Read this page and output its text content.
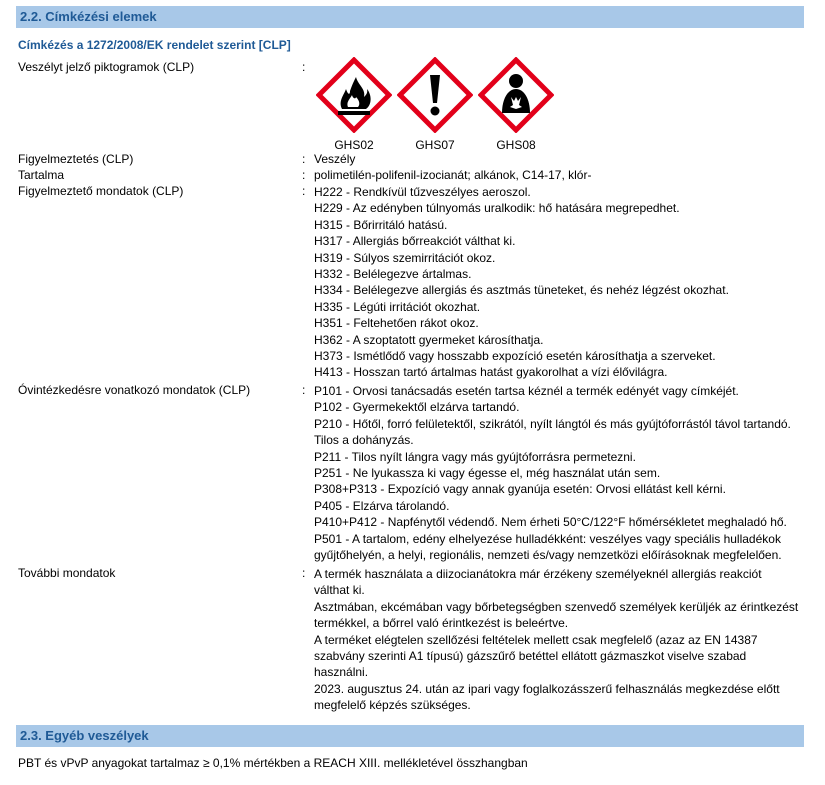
2.2. Címkézési elemek
Címkézés a 1272/2008/EK rendelet szerint [CLP]
Veszélyt jelző piktogramok (CLP)	:
GHS02	GHS07	GHS08
Figyelmeztetés (CLP)	: Veszély
Tartalma	: polimetilén-polifenil-izocianát; alkánok, C14-17, klór-
Figyelmeztető mondatok (CLP)	: H222 - Rendkívül tűzveszélyes aeroszol.
H229 - Az edényben túlnyomás uralkodik: hő hatására megrepedhet.
H315 - Bőrirritáló hatású.
H317 - Allergiás bőrreakciót válthat ki.
H319 - Súlyos szemirritációt okoz.
H332 - Belélegezve ártalmas.
H334 - Belélegezve allergiás és asztmás tüneteket, és nehéz légzést okozhat.
H335 - Légúti irritációt okozhat.
H351 - Feltehetően rákot okoz.
H362 - A szoptatott gyermeket károsíthatja.
H373 - Ismétlődő vagy hosszabb expozíció esetén károsíthatja a szerveket.
H413 - Hosszan tartó ártalmas hatást gyakorolhat a vízi élővilágra.
Óvintézkedésre vonatkozó mondatok (CLP)	: P101 - Orvosi tanácsadás esetén tartsa kéznél a termék edényét vagy címkéjét.
P102 - Gyermekektől elzárva tartandó.
P210 - Hőtől, forró felületektől, szikrától, nyílt lángtól és más gyújtóforrástól távol tartandó. Tilos a dohányzás.
P211 - Tilos nyílt lángra vagy más gyújtóforrásra permetezni.
P251 - Ne lyukassza ki vagy égesse el, még használat után sem.
P308+P313 - Expozíció vagy annak gyanúja esetén: Orvosi ellátást kell kérni.
P405 - Elzárva tárolandó.
P410+P412 - Napfénytől védendő. Nem érheti 50°C/122°F hőmérsékletet meghaladó hő.
P501 - A tartalom, edény elhelyezése hulladékként: veszélyes vagy speciális hulladékok gyűjtőhelyén, a helyi, regionális, nemzeti és/vagy nemzetközi előírásoknak megfelelően.
További mondatok	: A termék használata a diizocianátokra már érzékeny személyeknél allergiás reakciót válthat ki.
Asztmában, ekcémában vagy bőrbetegségben szenvedő személyek kerüljék az érintkezést termékkel, a bőrrel való érintkezést is beleértve.
A terméket elégtelen szellőzési feltételek mellett csak megfelelő (azaz az EN 14387 szabvány szerinti A1 típusú) gázszűrő betéttel ellátott gázmaszkot viselve szabad használni.
2023. augusztus 24. után az ipari vagy foglalkozásszerű felhasználás megkezdése előtt megfelelő képzés szükséges.
2.3. Egyéb veszélyek
PBT és vPvP anyagokat tartalmaz ≥ 0,1% mértékben a REACH XIII. mellékletével összhangban
